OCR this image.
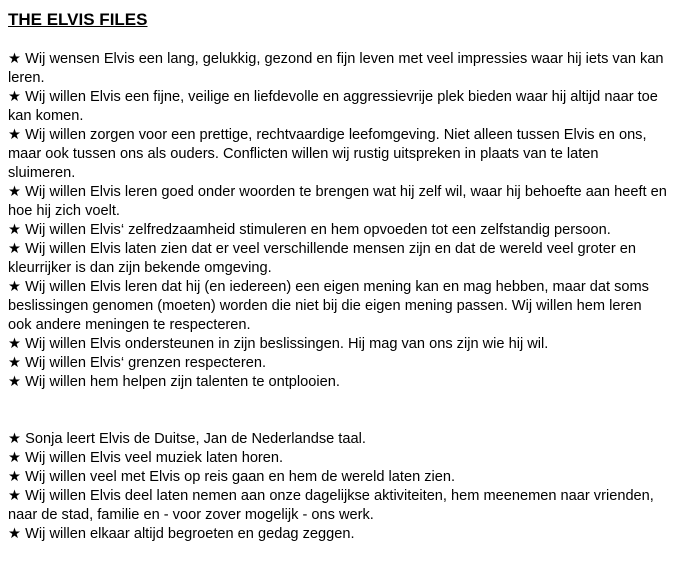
THE ELVIS FILES

★ Wij wensen Elvis een lang, gelukkig, gezond en fijn leven met veel impressies waar hij iets van kan leren.

★ Wij willen Elvis een fijne, veilige en liefdevolle en aggressievrije plek bieden waar hij altijd naar toe kan komen.

★ Wij willen zorgen voor een prettige, rechtvaardige leefomgeving. Niet alleen tussen Elvis en ons, maar ook tussen ons als ouders. Conflicten willen wij rustig uitspreken in plaats van te laten sluimeren.

★ Wij willen Elvis leren goed onder woorden te brengen wat hij zelf wil, waar hij behoefte aan heeft en hoe hij zich voelt.

★ Wij willen Elvis‘ zelfredzaamheid stimuleren en hem opvoeden tot een zelfstandig persoon.

★ Wij willen Elvis laten zien dat er veel verschillende mensen zijn en dat de wereld veel groter en kleurrijker is dan zijn bekende omgeving.

★ Wij willen Elvis leren dat hij (en iedereen) een eigen mening kan en mag hebben, maar dat soms beslissingen genomen (moeten) worden die niet bij die eigen mening passen. Wij willen hem leren ook andere meningen te respecteren.

★ Wij willen Elvis ondersteunen in zijn beslissingen. Hij mag van ons zijn wie hij wil.

★ Wij willen Elvis‘ grenzen respecteren.

★ Wij willen hem helpen zijn talenten te ontplooien.

★ Sonja leert Elvis de Duitse, Jan de Nederlandse taal.

★ Wij willen Elvis veel muziek laten horen.

★ Wij willen veel met Elvis op reis gaan en hem de wereld laten zien.

★ Wij willen Elvis deel laten nemen aan onze dagelijkse aktiviteiten, hem meenemen naar vrienden, naar de stad, familie en - voor zover mogelijk - ons werk.

★ Wij willen elkaar altijd begroeten en gedag zeggen.
